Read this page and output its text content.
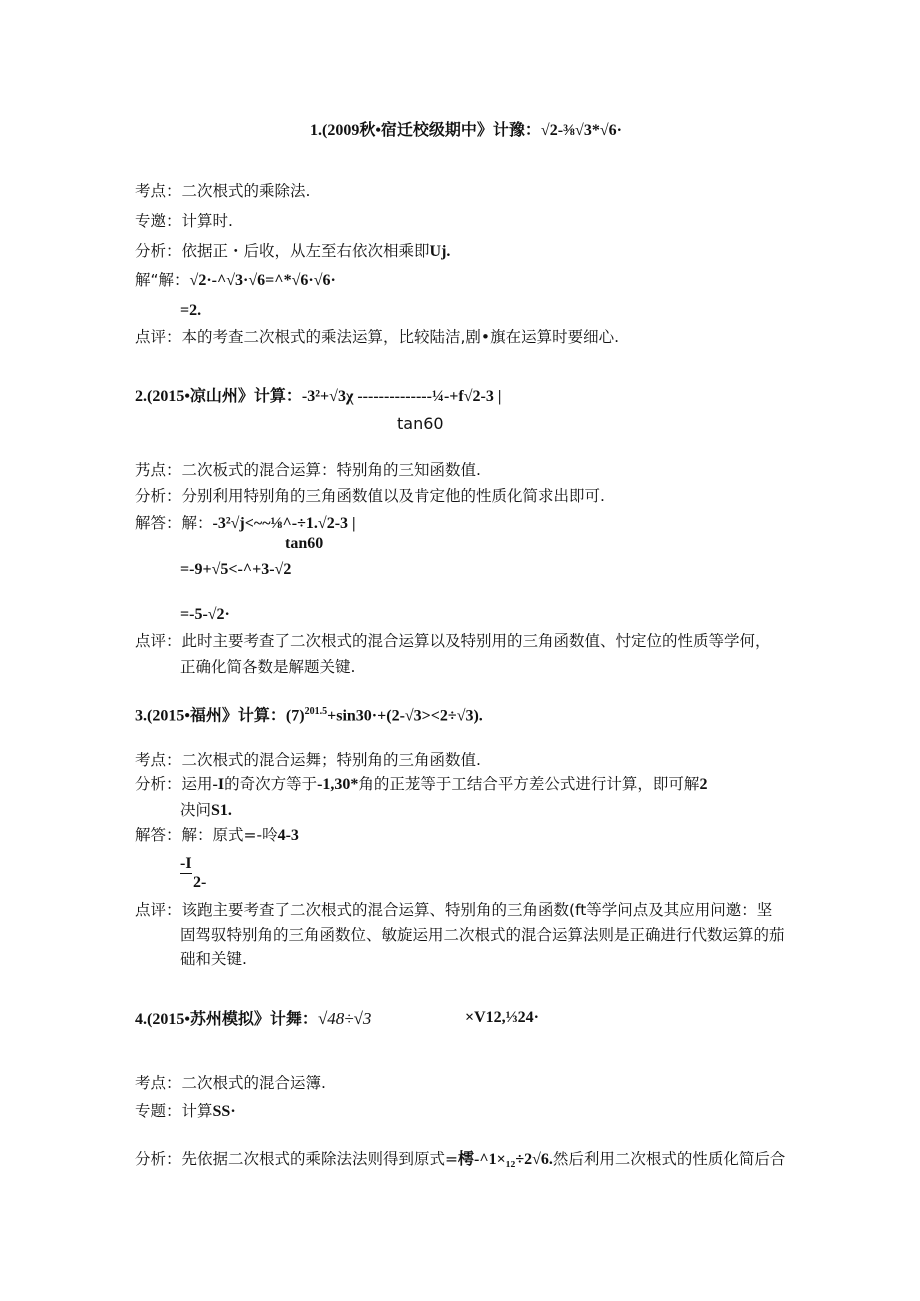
1.(2009秋•宿迁校级期中》计豫：√2-⅜√3*√6·
考点：二次根式的乘除法.
专邀：计算时.
分析：依据正・后收，从左至右依次相乘即Uj.
解“解：√2·-^√3·√6=^*√6·√6·
=2.
点评：本的考查二次根式的乘法运算，比较陆洁,剧•旗在运算时要细心.
2.(2015•凉山州》计算：-3²+√3χ --------------¼-+f√2-3 |
tan60
艿点：二次板式的混合运算：特别角的三知函数值.
分析：分别利用特别角的三角函数值以及肯定他的性质化简求出即可.
解答：解：-3²√j<~~⅛^-÷1.√2-3 |
tan60
=-9+√5<-^+3-√2
=-5-√2·
点评：此时主要考查了二次根式的混合运算以及特别用的三角函数值、忖定位的性质等学何，
正确化简各数是解题关键.
3.(2015•福州》计算：$(7)^{201.5}+\sin 30\cdot+(2-√3><2\div√3)$.
考点：二次根式的混合运舞；特别角的三角函数值.
分析：运用-I的奇次方等于-1,30*角的正茏等于工结合平方差公式进行计算，即可解2
决问S1.
解答：解：原式=-呤4-3
-I
2-
点评：该跑主要考查了二次根式的混合运算、特别角的三角函数(ft等学问点及其应用问邀：坚
固驾驭特别角的三角函数位、敏旋运用二次根式的混合运算法则是正确进行代数运算的茄
础和关键.
4.(2015•苏州模拟》计舞：√48÷√3	×V12,⅓24·
考点：二次根式的混合运簿.
专题：计算SS·
分析：先依据二次根式的乘除法法则得到原式=樗-^1×₁₂÷2√6.然后利用二次根式的性质化简后合
